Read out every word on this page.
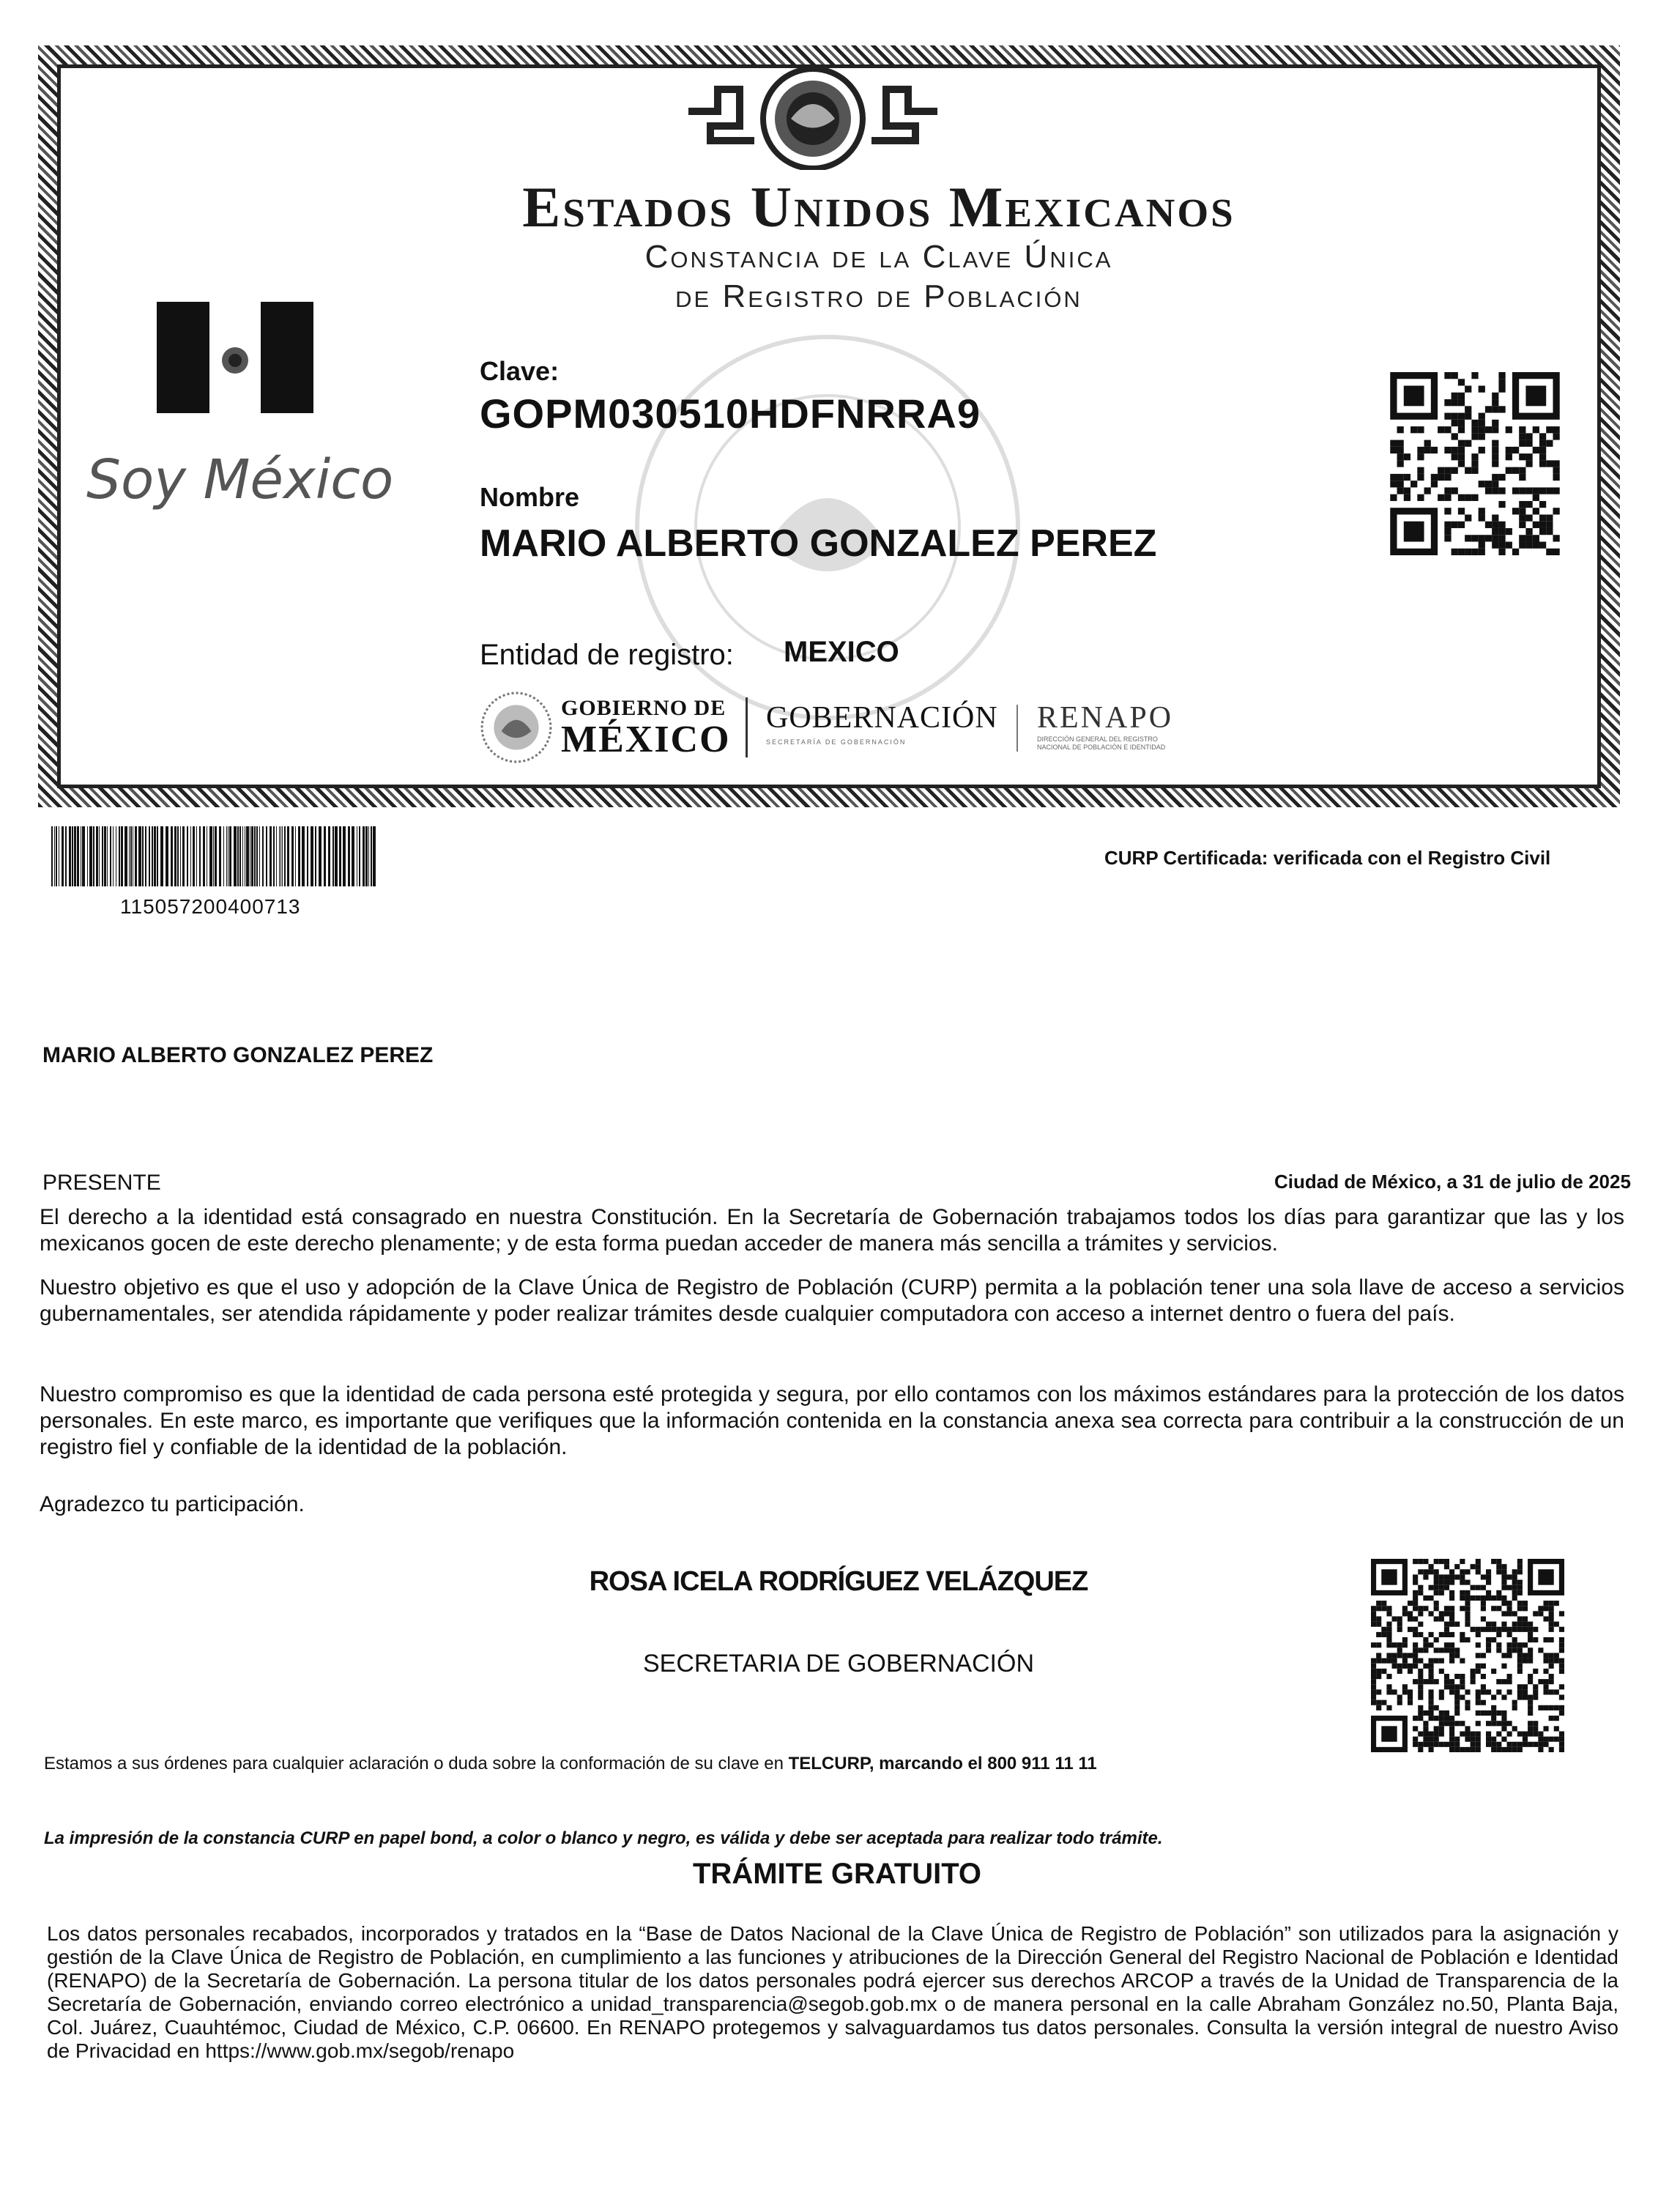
Estados Unidos Mexicanos
Constancia de la Clave Única
de Registro de Población
Soy México
Clave:
GOPM030510HDFNRRA9
Nombre
MARIO ALBERTO GONZALEZ PEREZ
Entidad de registro: MEXICO
GOBIERNO DE
MÉXICO
GOBERNACIÓN
SECRETARÍA DE GOBERNACIÓN
RENAPO
DIRECCIÓN GENERAL DEL REGISTRO NACIONAL DE POBLACIÓN E IDENTIDAD
115057200400713
CURP Certificada: verificada con el Registro Civil
MARIO ALBERTO GONZALEZ PEREZ
PRESENTE	Ciudad de México, a 31 de julio de 2025
El derecho a la identidad está consagrado en nuestra Constitución. En la Secretaría de Gobernación trabajamos todos los días para garantizar que las y los mexicanos gocen de este derecho plenamente; y de esta forma puedan acceder de manera más sencilla a trámites y servicios.
Nuestro objetivo es que el uso y adopción de la Clave Única de Registro de Población (CURP) permita a la población tener una sola llave de acceso a servicios gubernamentales, ser atendida rápidamente y poder realizar trámites desde cualquier computadora con acceso a internet dentro o fuera del país.
Nuestro compromiso es que la identidad de cada persona esté protegida y segura, por ello contamos con los máximos estándares para la protección de los datos personales. En este marco, es importante que verifiques que la información contenida en la constancia anexa sea correcta para contribuir a la construcción de un registro fiel y confiable de la identidad de la población.
Agradezco tu participación.
ROSA ICELA RODRÍGUEZ VELÁZQUEZ
SECRETARIA DE GOBERNACIÓN
Estamos a sus órdenes para cualquier aclaración o duda sobre la conformación de su clave en TELCURP, marcando el 800 911 11 11
La impresión de la constancia CURP en papel bond, a color o blanco y negro, es válida y debe ser aceptada para realizar todo trámite.
TRÁMITE GRATUITO
Los datos personales recabados, incorporados y tratados en la “Base de Datos Nacional de la Clave Única de Registro de Población” son utilizados para la asignación y gestión de la Clave Única de Registro de Población, en cumplimiento a las funciones y atribuciones de la Dirección General del Registro Nacional de Población e Identidad (RENAPO) de la Secretaría de Gobernación. La persona titular de los datos personales podrá ejercer sus derechos ARCOP a través de la Unidad de Transparencia de la Secretaría de Gobernación, enviando correo electrónico a unidad_transparencia@segob.gob.mx o de manera personal en la calle Abraham González no.50, Planta Baja, Col. Juárez, Cuauhtémoc, Ciudad de México, C.P. 06600. En RENAPO protegemos y salvaguardamos tus datos personales. Consulta la versión integral de nuestro Aviso de Privacidad en https://www.gob.mx/segob/renapo
